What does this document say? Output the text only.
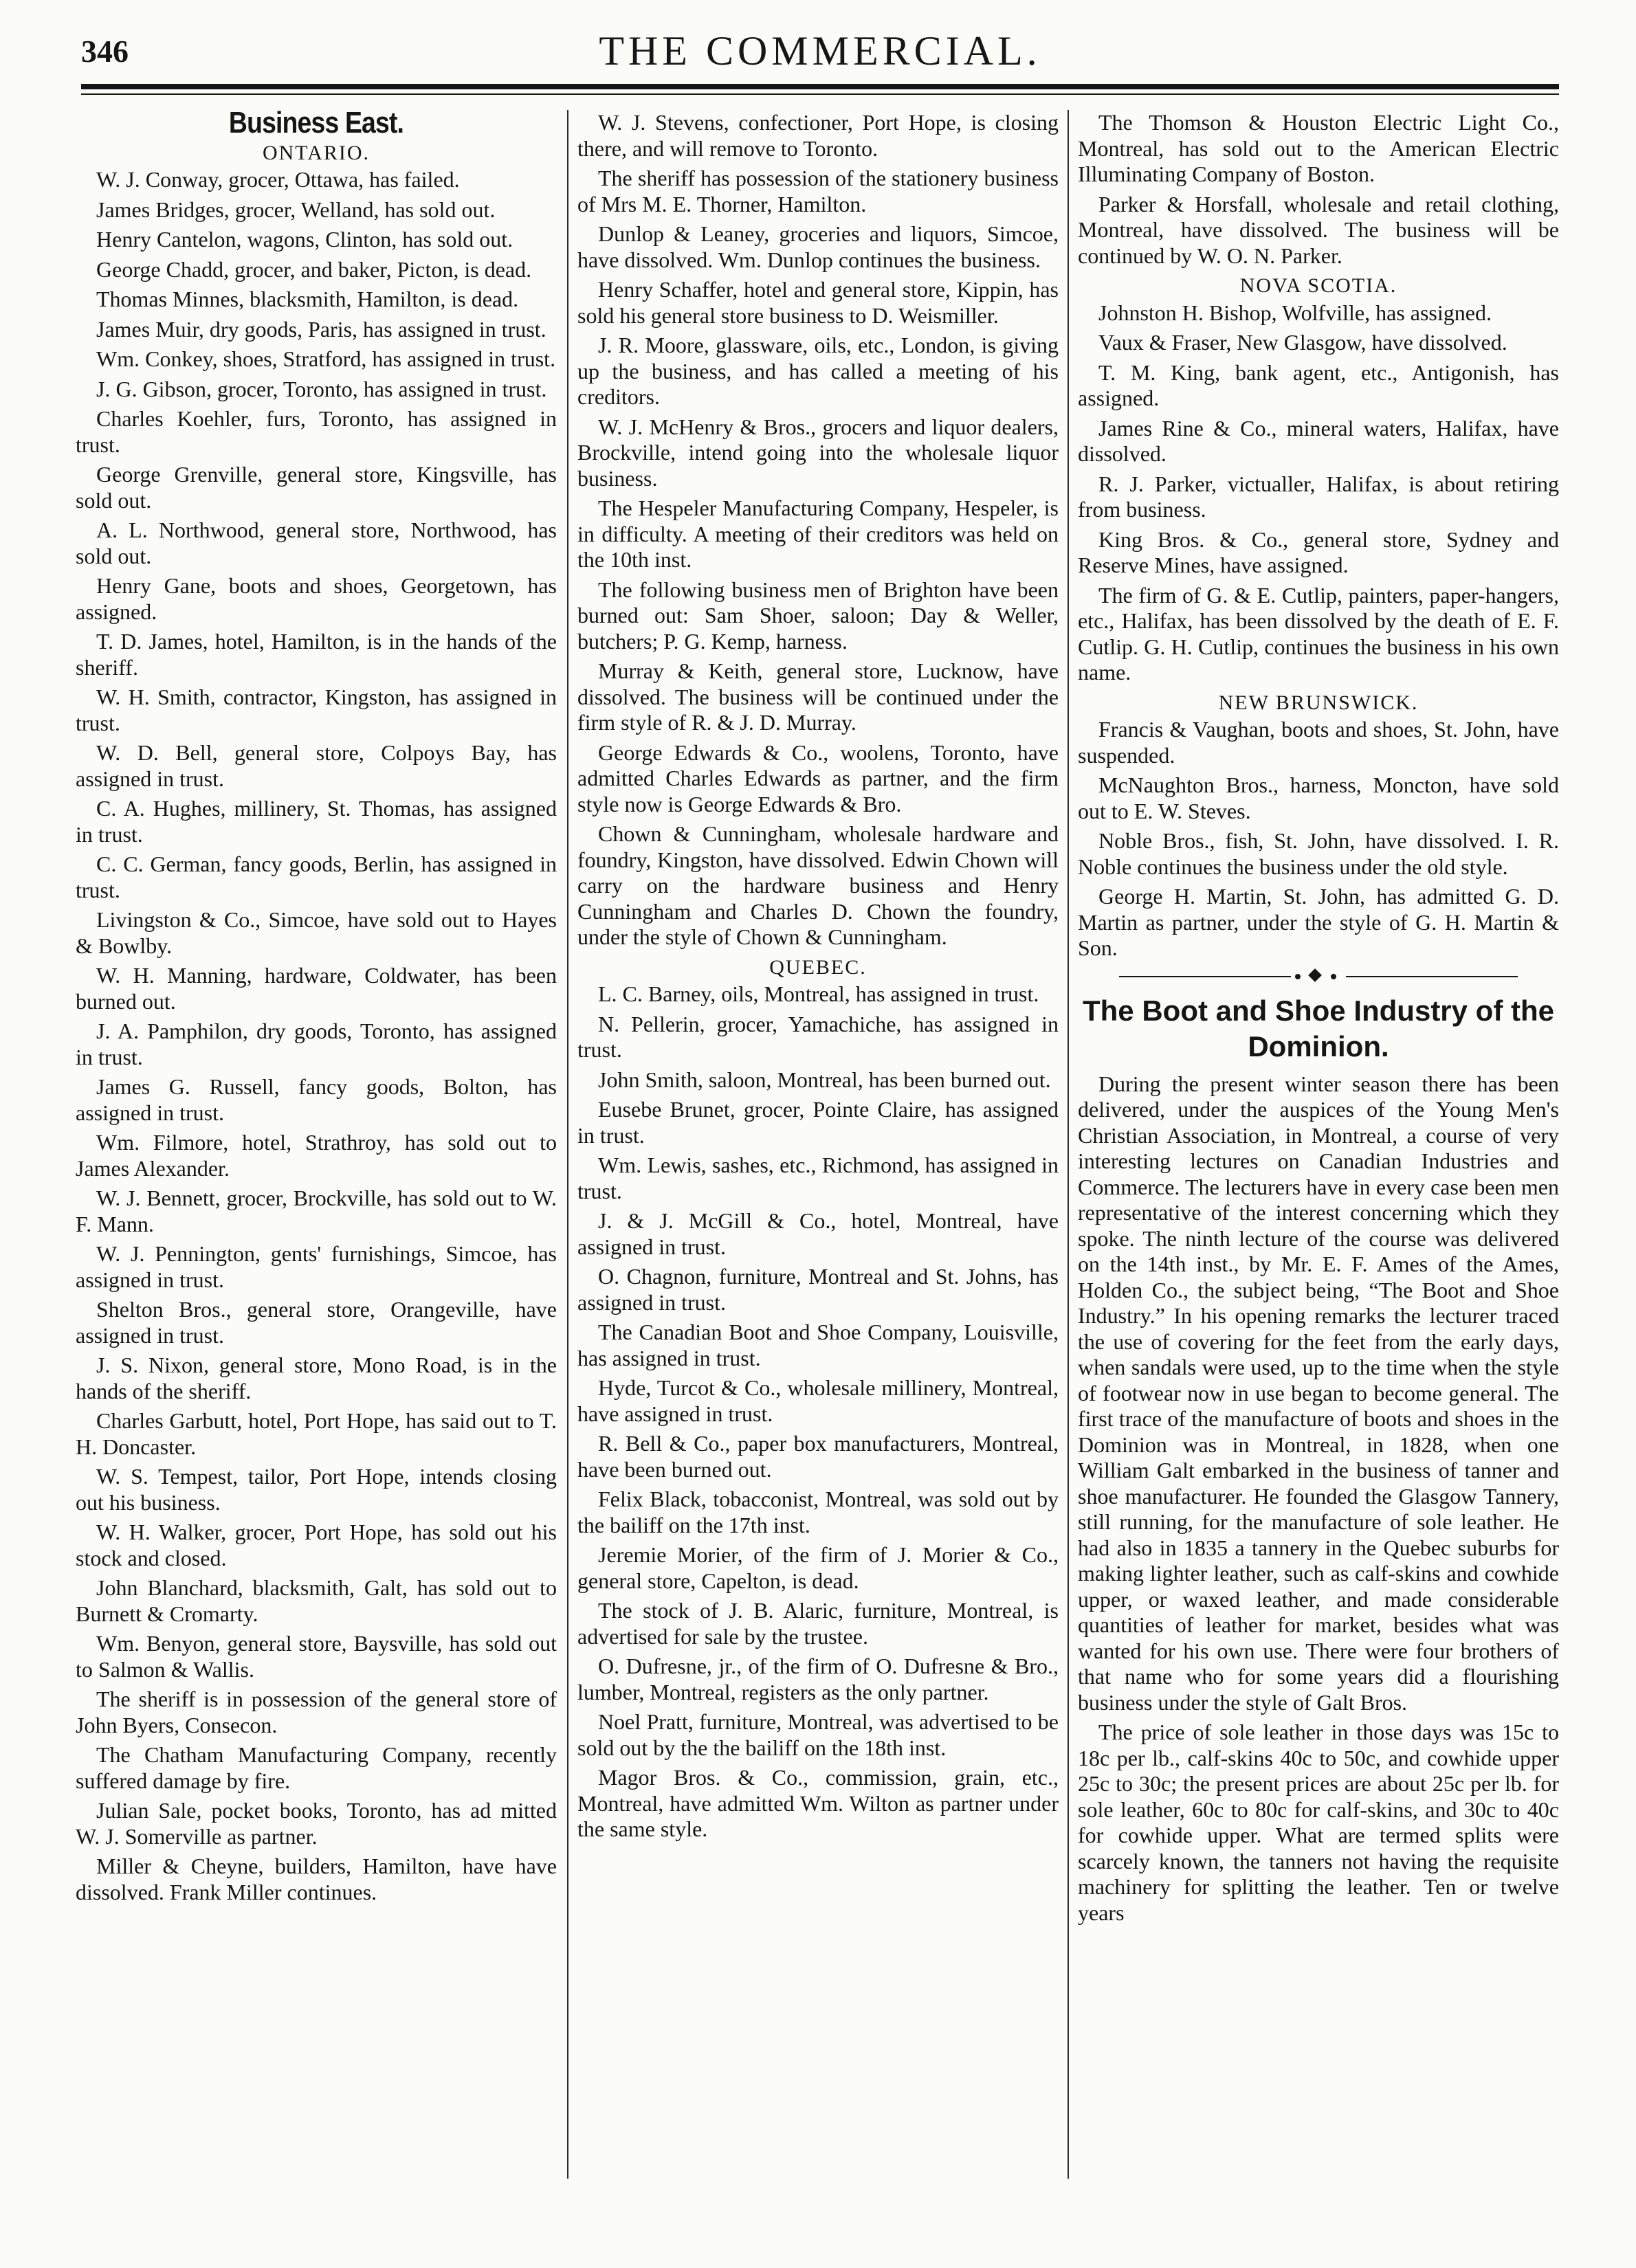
346	THE COMMERCIAL.
Business East.
ONTARIO.

W. J. Conway, grocer, Ottawa, has failed.

James Bridges, grocer, Welland, has sold out.

Henry Cantelon, wagons, Clinton, has sold out.

George Chadd, grocer, and baker, Picton, is dead.

Thomas Minnes, blacksmith, Hamilton, is dead.

James Muir, dry goods, Paris, has assigned in trust.

Wm. Conkey, shoes, Stratford, has assigned in trust.

J. G. Gibson, grocer, Toronto, has assigned in trust.

Charles Koehler, furs, Toronto, has assigned in trust.

George Grenville, general store, Kingsville, has sold out.

A. L. Northwood, general store, Northwood, has sold out.

Henry Gane, boots and shoes, Georgetown, has assigned.

T. D. James, hotel, Hamilton, is in the hands of the sheriff.

W. H. Smith, contractor, Kingston, has assigned in trust.

W. D. Bell, general store, Colpoys Bay, has assigned in trust.

C. A. Hughes, millinery, St. Thomas, has assigned in trust.

C. C. German, fancy goods, Berlin, has assigned in trust.

Livingston & Co., Simcoe, have sold out to Hayes & Bowlby.

W. H. Manning, hardware, Coldwater, has been burned out.

J. A. Pamphilon, dry goods, Toronto, has assigned in trust.

James G. Russell, fancy goods, Bolton, has assigned in trust.

Wm. Filmore, hotel, Strathroy, has sold out to James Alexander.

W. J. Bennett, grocer, Brockville, has sold out to W. F. Mann.

W. J. Pennington, gents' furnishings, Simcoe, has assigned in trust.

Shelton Bros., general store, Orangeville, have assigned in trust.

J. S. Nixon, general store, Mono Road, is in the hands of the sheriff.

Charles Garbutt, hotel, Port Hope, has said out to T. H. Doncaster.

W. S. Tempest, tailor, Port Hope, intends closing out his business.

W. H. Walker, grocer, Port Hope, has sold out his stock and closed.

John Blanchard, blacksmith, Galt, has sold out to Burnett & Cromarty.

Wm. Benyon, general store, Baysville, has sold out to Salmon & Wallis.

The sheriff is in possession of the general store of John Byers, Consecon.

The Chatham Manufacturing Company, recently suffered damage by fire.

Julian Sale, pocket books, Toronto, has ad mitted W. J. Somerville as partner.

Miller & Cheyne, builders, Hamilton, have have dissolved. Frank Miller continues.

W. J. Stevens, confectioner, Port Hope, is closing there, and will remove to Toronto.

The sheriff has possession of the stationery business of Mrs M. E. Thorner, Hamilton.

Dunlop & Leaney, groceries and liquors, Simcoe, have dissolved. Wm. Dunlop continues the business.

Henry Schaffer, hotel and general store, Kippin, has sold his general store business to D. Weismiller.

J. R. Moore, glassware, oils, etc., London, is giving up the business, and has called a meeting of his creditors.

W. J. McHenry & Bros., grocers and liquor dealers, Brockville, intend going into the wholesale liquor business.

The Hespeler Manufacturing Company, Hespeler, is in difficulty. A meeting of their creditors was held on the 10th inst.

The following business men of Brighton have been burned out: Sam Shoer, saloon; Day & Weller, butchers; P. G. Kemp, harness.

Murray & Keith, general store, Lucknow, have dissolved. The business will be continued under the firm style of R. & J. D. Murray.

George Edwards & Co., woolens, Toronto, have admitted Charles Edwards as partner, and the firm style now is George Edwards & Bro.

Chown & Cunningham, wholesale hardware and foundry, Kingston, have dissolved. Edwin Chown will carry on the hardware business and Henry Cunningham and Charles D. Chown the foundry, under the style of Chown & Cunningham.

QUEBEC.

L. C. Barney, oils, Montreal, has assigned in trust.

N. Pellerin, grocer, Yamachiche, has assigned in trust.

John Smith, saloon, Montreal, has been burned out.

Eusebe Brunet, grocer, Pointe Claire, has assigned in trust.

Wm. Lewis, sashes, etc., Richmond, has assigned in trust.

J. & J. McGill & Co., hotel, Montreal, have assigned in trust.

O. Chagnon, furniture, Montreal and St. Johns, has assigned in trust.

The Canadian Boot and Shoe Company, Louisville, has assigned in trust.

Hyde, Turcot & Co., wholesale millinery, Montreal, have assigned in trust.

R. Bell & Co., paper box manufacturers, Montreal, have been burned out.

Felix Black, tobacconist, Montreal, was sold out by the bailiff on the 17th inst.

Jeremie Morier, of the firm of J. Morier & Co., general store, Capelton, is dead.

The stock of J. B. Alaric, furniture, Montreal, is advertised for sale by the trustee.

O. Dufresne, jr., of the firm of O. Dufresne & Bro., lumber, Montreal, registers as the only partner.

Noel Pratt, furniture, Montreal, was advertised to be sold out by the the bailiff on the 18th inst.

Magor Bros. & Co., commission, grain, etc., Montreal, have admitted Wm. Wilton as partner under the same style.

The Thomson & Houston Electric Light Co., Montreal, has sold out to the American Electric Illuminating Company of Boston.

Parker & Horsfall, wholesale and retail clothing, Montreal, have dissolved. The business will be continued by W. O. N. Parker.

NOVA SCOTIA.

Johnston H. Bishop, Wolfville, has assigned.

Vaux & Fraser, New Glasgow, have dissolved.

T. M. King, bank agent, etc., Antigonish, has assigned.

James Rine & Co., mineral waters, Halifax, have dissolved.

R. J. Parker, victualler, Halifax, is about retiring from business.

King Bros. & Co., general store, Sydney and Reserve Mines, have assigned.

The firm of G. & E. Cutlip, painters, paper-hangers, etc., Halifax, has been dissolved by the death of E. F. Cutlip. G. H. Cutlip, continues the business in his own name.

NEW BRUNSWICK.

Francis & Vaughan, boots and shoes, St. John, have suspended.

McNaughton Bros., harness, Moncton, have sold out to E. W. Steves.

Noble Bros., fish, St. John, have dissolved. I. R. Noble continues the business under the old style.

George H. Martin, St. John, has admitted G. D. Martin as partner, under the style of G. H. Martin & Son.

The Boot and Shoe Industry of the Dominion.

During the present winter season there has been delivered, under the auspices of the Young Men's Christian Association, in Montreal, a course of very interesting lectures on Canadian Industries and Commerce. The lecturers have in every case been men representative of the interest concerning which they spoke. The ninth lecture of the course was delivered on the 14th inst., by Mr. E. F. Ames of the Ames, Holden Co., the subject being, “The Boot and Shoe Industry.” In his opening remarks the lecturer traced the use of covering for the feet from the early days, when sandals were used, up to the time when the style of footwear now in use began to become general. The first trace of the manufacture of boots and shoes in the Dominion was in Montreal, in 1828, when one William Galt embarked in the business of tanner and shoe manufacturer. He founded the Glasgow Tannery, still running, for the manufacture of sole leather. He had also in 1835 a tannery in the Quebec suburbs for making lighter leather, such as calf-skins and cowhide upper, or waxed leather, and made considerable quantities of leather for market, besides what was wanted for his own use. There were four brothers of that name who for some years did a flourishing business under the style of Galt Bros.

The price of sole leather in those days was 15c to 18c per lb., calf-skins 40c to 50c, and cowhide upper 25c to 30c; the present prices are about 25c per lb. for sole leather, 60c to 80c for calf-skins, and 30c to 40c for cowhide upper. What are termed splits were scarcely known, the tanners not having the requisite machinery for splitting the leather. Ten or twelve years
